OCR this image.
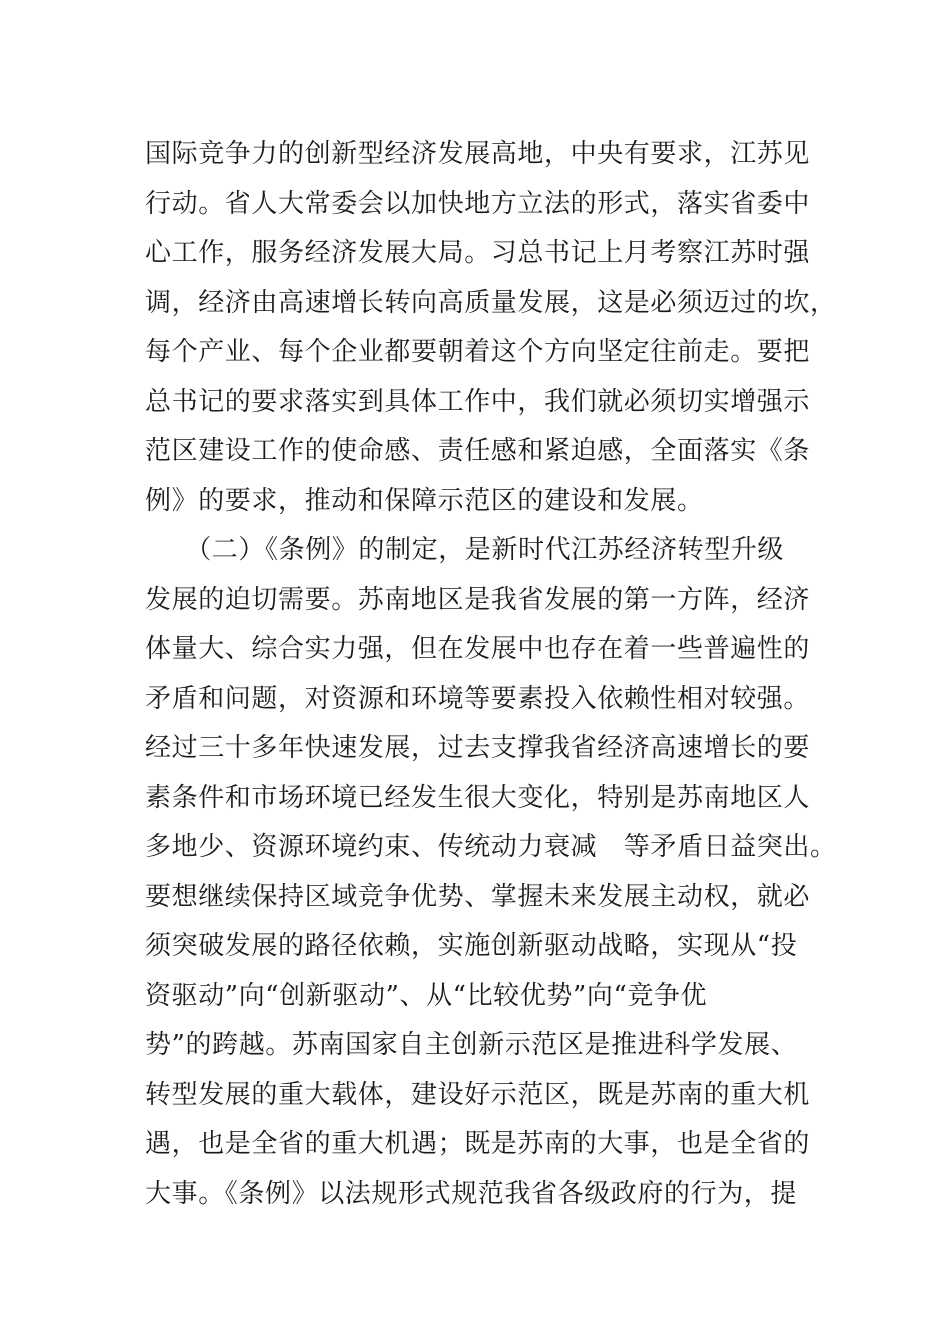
国际竞争力的创新型经济发展高地，中央有要求，江苏见
行动。省人大常委会以加快地方立法的形式，落实省委中
心工作，服务经济发展大局。习总书记上月考察江苏时强
调，经济由高速增长转向高质量发展，这是必须迈过的坎，
每个产业、每个企业都要朝着这个方向坚定往前走。要把
总书记的要求落实到具体工作中，我们就必须切实增强示
范区建设工作的使命感、责任感和紧迫感，全面落实《条
例》的要求，推动和保障示范区的建设和发展。
　　（二）《条例》的制定，是新时代江苏经济转型升级
发展的迫切需要。苏南地区是我省发展的第一方阵，经济
体量大、综合实力强，但在发展中也存在着一些普遍性的
矛盾和问题，对资源和环境等要素投入依赖性相对较强。
经过三十多年快速发展，过去支撑我省经济高速增长的要
素条件和市场环境已经发生很大变化，特别是苏南地区人
多地少、资源环境约束、传统动力衰减　等矛盾日益突出。
要想继续保持区域竞争优势、掌握未来发展主动权，就必
须突破发展的路径依赖，实施创新驱动战略，实现从“投
资驱动”向“创新驱动”、从“比较优势”向“竞争优
势”的跨越。苏南国家自主创新示范区是推进科学发展、
转型发展的重大载体，建设好示范区，既是苏南的重大机
遇，也是全省的重大机遇；既是苏南的大事，也是全省的
大事。《条例》以法规形式规范我省各级政府的行为，提
